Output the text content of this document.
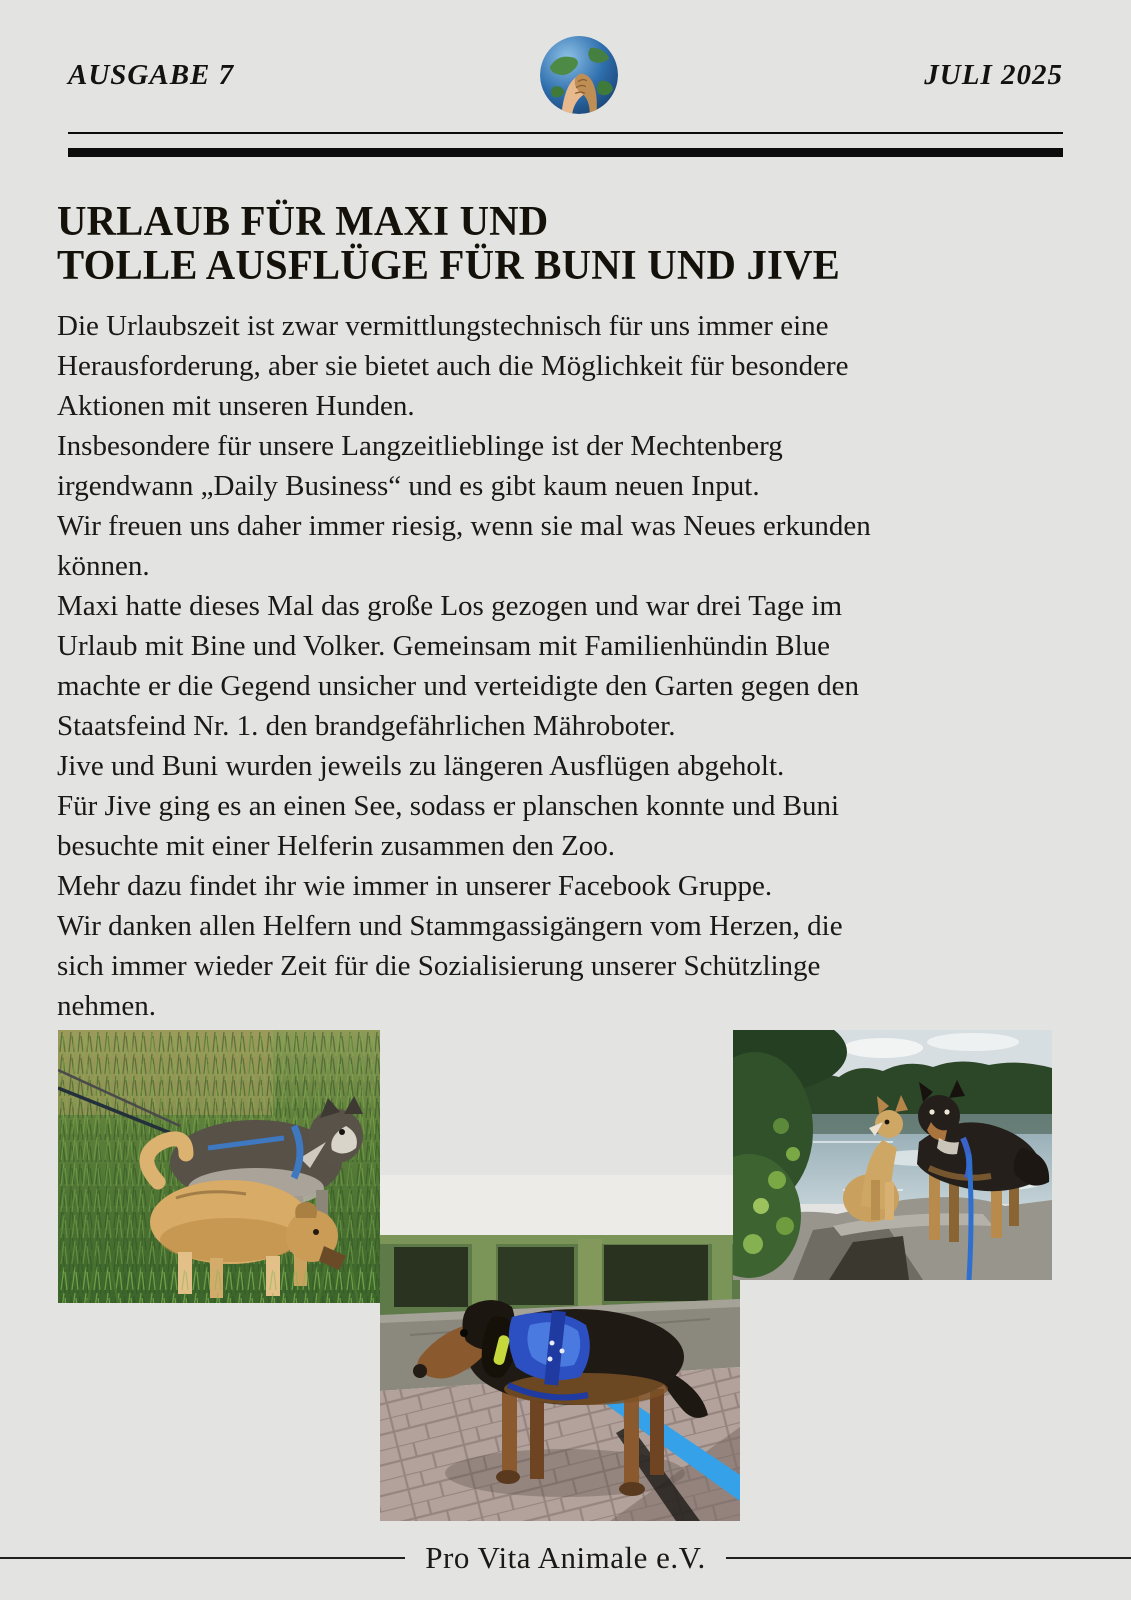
AUSGABE 7	JULI 2025
URLAUB FÜR MAXI UND
TOLLE AUSFLÜGE FÜR BUNI UND JIVE
Die Urlaubszeit ist zwar vermittlungstechnisch für uns immer eine
Herausforderung, aber sie bietet auch die Möglichkeit für besondere
Aktionen mit unseren Hunden.
Insbesondere für unsere Langzeitlieblinge ist der Mechtenberg
irgendwann „Daily Business“ und es gibt kaum neuen Input.
Wir freuen uns daher immer riesig, wenn sie mal was Neues erkunden
können.
Maxi hatte dieses Mal das große Los gezogen und war drei Tage im
Urlaub mit Bine und Volker. Gemeinsam mit Familienhündin Blue
machte er die Gegend unsicher und verteidigte den Garten gegen den
Staatsfeind Nr. 1. den brandgefährlichen Mähroboter.
Jive und Buni wurden jeweils zu längeren Ausflügen abgeholt.
Für Jive ging es an einen See, sodass er planschen konnte und Buni
besuchte mit einer Helferin zusammen den Zoo.
Mehr dazu findet ihr wie immer in unserer Facebook Gruppe.
Wir danken allen Helfern und Stammgassigängern vom Herzen, die
sich immer wieder Zeit für die Sozialisierung unserer Schützlinge
nehmen.
Pro Vita Animale e.V.
